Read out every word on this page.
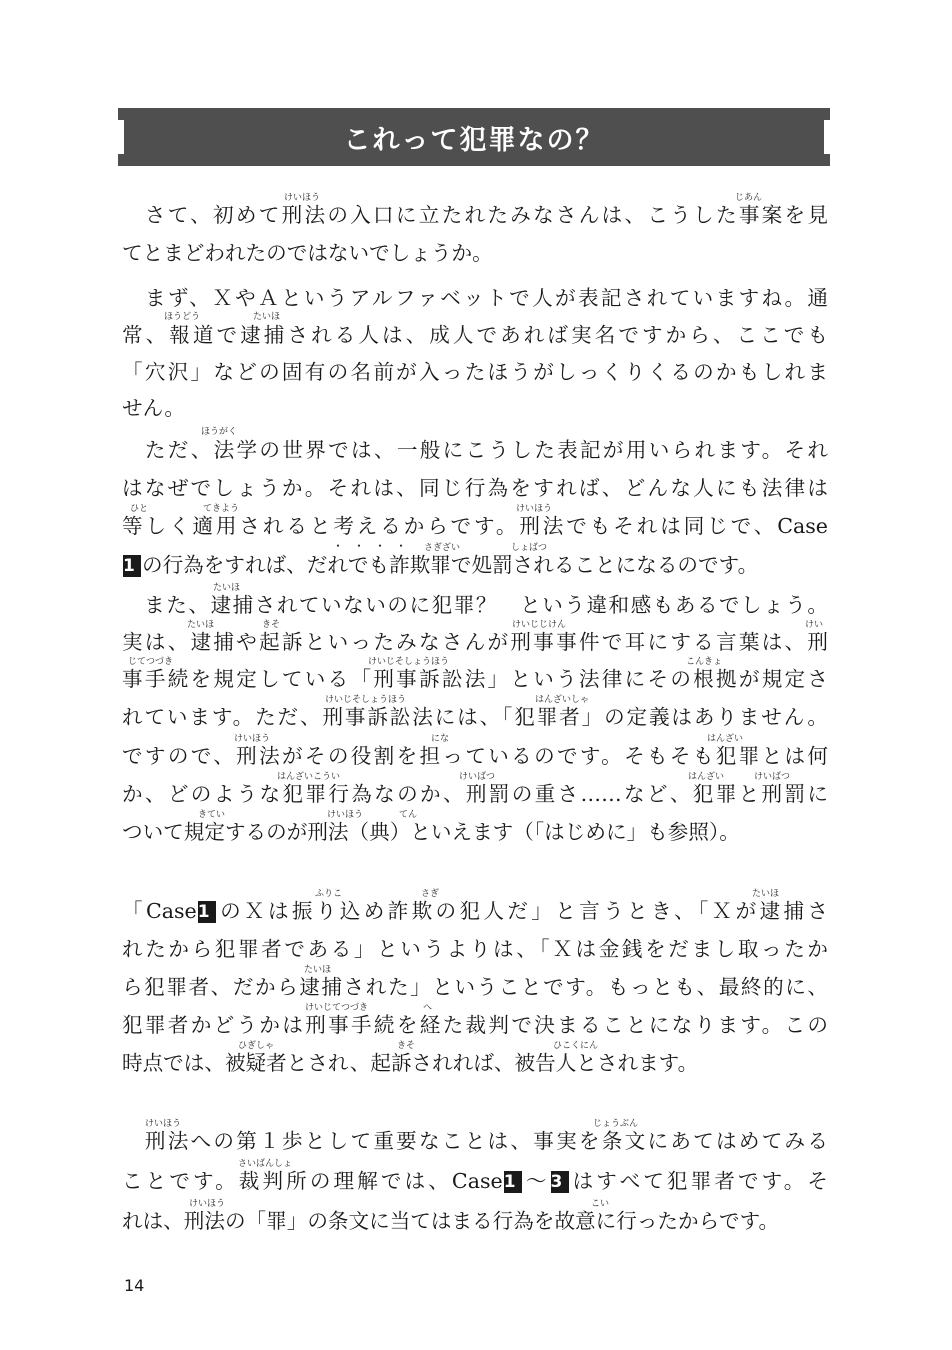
これって犯罪なの？
　さて、初めて刑法の入口に立たれたみなさんは、こうした事案を見
てとまどわれたのではないでしょうか。
　まず、ＸやＡというアルファベットで人が表記されていますね。通
常、報道で逮捕される人は、成人であれば実名ですから、ここでも
「穴沢」などの固有の名前が入ったほうがしっくりくるのかもしれま
せん。
　ただ、法学の世界では、一般にこうした表記が用いられます。それ
はなぜでしょうか。それは、同じ行為をすれば、どんな人にも法律は
等しく適用されると考えるからです。刑法でもそれは同じで、Case
1 の行為をすれば、だれでも詐欺罪で処罰されることになるのです。
　また、逮捕されていないのに犯罪？　という違和感もあるでしょう。
実は、逮捕や起訴といったみなさんが刑事事件で耳にする言葉は、刑
事手続を規定している「刑事訴訟法」という法律にその根拠が規定さ
れています。ただ、刑事訴訟法には、「犯罪者」の定義はありません。
ですので、刑法がその役割を担っているのです。そもそも犯罪とは何
か、どのような犯罪行為なのか、刑罰の重さ……など、犯罪と刑罰に
ついて規定するのが刑法（典）といえます（「はじめに」も参照）。
「Case1 のＸは振り込め詐欺の犯人だ」と言うとき、「Ｘが逮捕さ
れたから犯罪者である」というよりは、「Ｘは金銭をだまし取ったか
ら犯罪者、だから逮捕された」ということです。もっとも、最終的に、
犯罪者かどうかは刑事手続を経た裁判で決まることになります。この
時点では、被疑者とされ、起訴されれば、被告人とされます。
　刑法への第１歩として重要なことは、事実を条文にあてはめてみる
ことです。裁判所の理解では、Case1 ～3 はすべて犯罪者です。そ
れは、刑法の「罪」の条文に当てはまる行為を故意に行ったからです。
けいほう	じあん
ほうどう	たいほ
ほうがく
ひと	てきよう	けいほう
さぎざい	しょばつ
たいほ
たいほ	きそ	けいじじけん	けい
じてつづき	けいじそしょうほう	こんきょ
けいじそしょうほう	はんざいしゃ
けいほう	にな	はんざい
はんざいこうい	けいばつ	はんざい	けいばつ
きてい	けいほう	てん
ふりこ	さぎ	たいほ
たいほ
けいじてつづき	へ
ひぎしゃ	きそ	ひこくにん
けいほう	じょうぶん
さいばんしょ
けいほう	こい
・・・・
14
